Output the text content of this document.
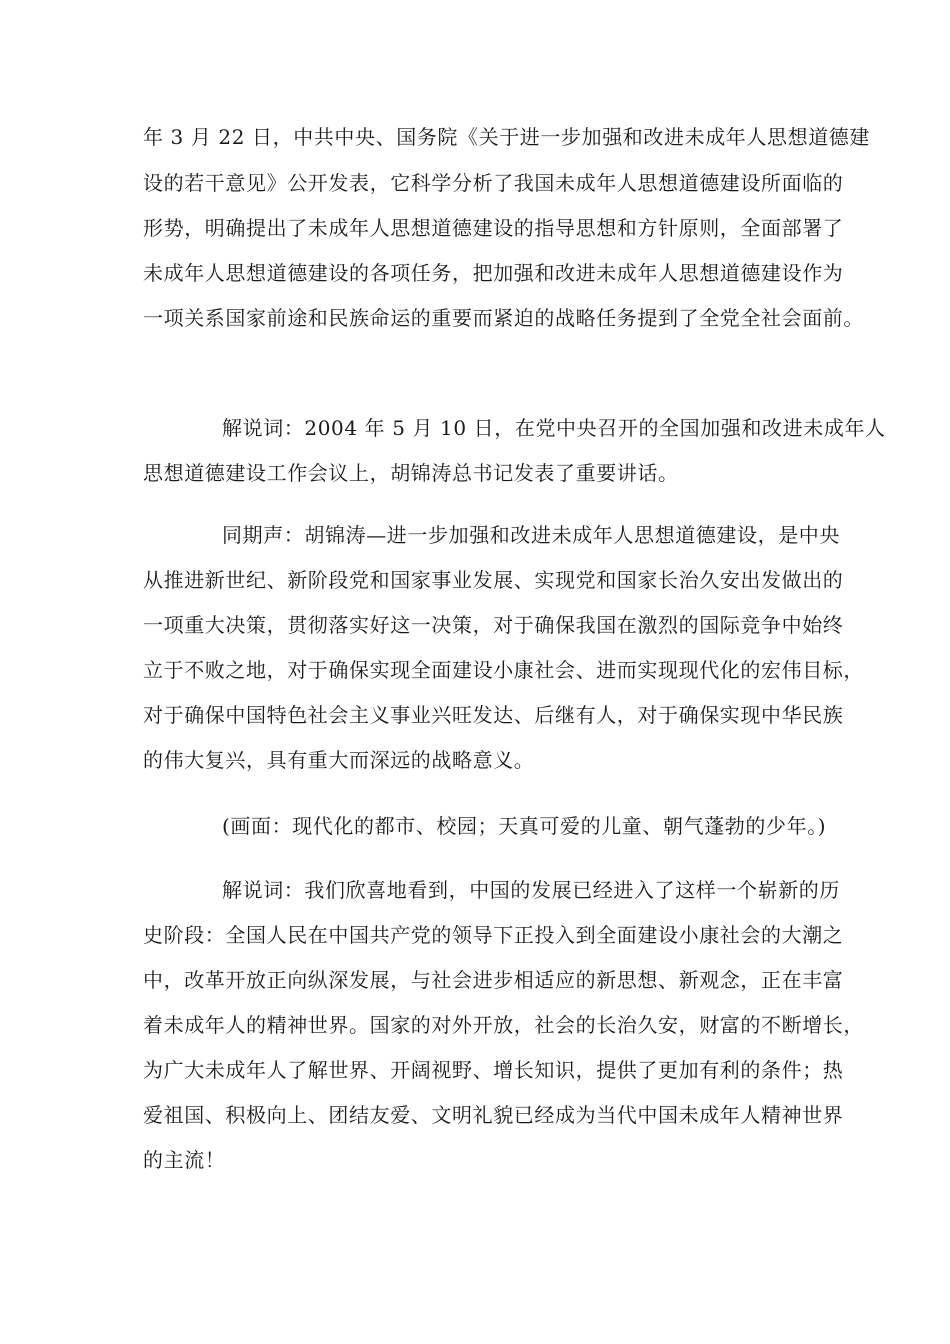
年 3 月 22 日，中共中央、国务院《关于进一步加强和改进未成年人思想道德建
设的若干意见》公开发表，它科学分析了我国未成年人思想道德建设所面临的
形势，明确提出了未成年人思想道德建设的指导思想和方针原则，全面部署了
未成年人思想道德建设的各项任务，把加强和改进未成年人思想道德建设作为
一项关系国家前途和民族命运的重要而紧迫的战略任务提到了全党全社会面前。
解说词：2004 年 5 月 10 日，在党中央召开的全国加强和改进未成年人
思想道德建设工作会议上，胡锦涛总书记发表了重要讲话。
同期声：胡锦涛—进一步加强和改进未成年人思想道德建设，是中央
从推进新世纪、新阶段党和国家事业发展、实现党和国家长治久安出发做出的
一项重大决策，贯彻落实好这一决策，对于确保我国在激烈的国际竞争中始终
立于不败之地，对于确保实现全面建设小康社会、进而实现现代化的宏伟目标，
对于确保中国特色社会主义事业兴旺发达、后继有人，对于确保实现中华民族
的伟大复兴，具有重大而深远的战略意义。
(画面：现代化的都市、校园；天真可爱的儿童、朝气蓬勃的少年。)
解说词：我们欣喜地看到，中国的发展已经进入了这样一个崭新的历
史阶段：全国人民在中国共产党的领导下正投入到全面建设小康社会的大潮之
中，改革开放正向纵深发展，与社会进步相适应的新思想、新观念，正在丰富
着未成年人的精神世界。国家的对外开放，社会的长治久安，财富的不断增长，
为广大未成年人了解世界、开阔视野、增长知识，提供了更加有利的条件；热
爱祖国、积极向上、团结友爱、文明礼貌已经成为当代中国未成年人精神世界
的主流！
